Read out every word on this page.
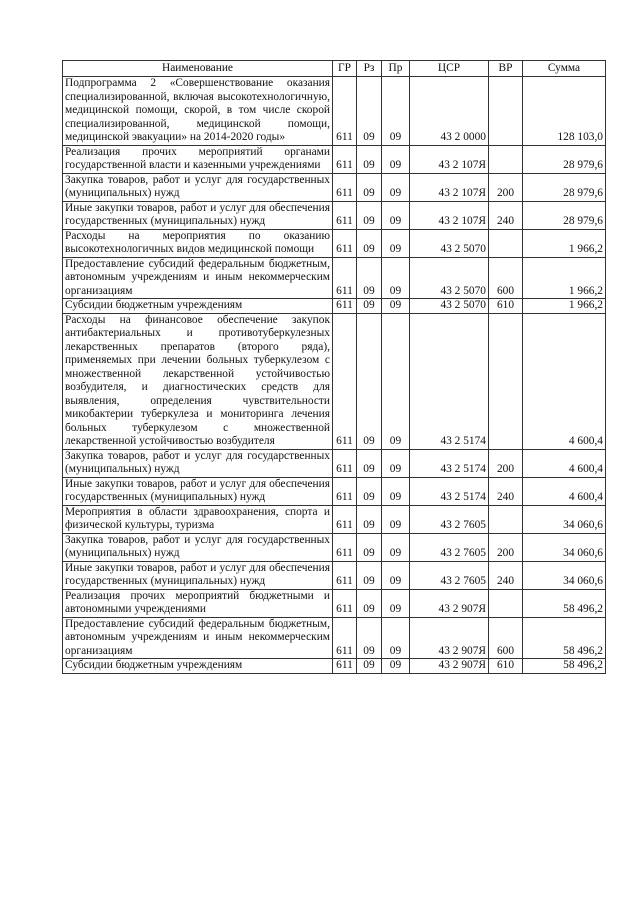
Наименование	ГР	Рз	Пр	ЦСР	ВР	Сумма
Подпрограмма 2 «Совершенствование оказания специализированной, включая высокотехнологичную, медицинской помощи, скорой, в том числе скорой специализированной, медицинской помощи, медицинской эвакуации» на 2014-2020 годы»	611	09	09	43 2 0000		128 103,0
Реализация прочих мероприятий органами государственной власти и казенными учреждениями	611	09	09	43 2 107Я		28 979,6
Закупка товаров, работ и услуг для государственных (муниципальных) нужд	611	09	09	43 2 107Я	200	28 979,6
Иные закупки товаров, работ и услуг для обеспечения государственных (муниципальных) нужд	611	09	09	43 2 107Я	240	28 979,6
Расходы на мероприятия по оказанию высокотехнологичных видов медицинской помощи	611	09	09	43 2 5070		1 966,2
Предоставление субсидий федеральным бюджетным, автономным учреждениям и иным некоммерческим организациям	611	09	09	43 2 5070	600	1 966,2
Субсидии бюджетным учреждениям	611	09	09	43 2 5070	610	1 966,2
Расходы на финансовое обеспечение закупок антибактериальных и противотуберкулезных лекарственных препаратов (второго ряда), применяемых при лечении больных туберкулезом с множественной лекарственной устойчивостью возбудителя, и диагностических средств для выявления, определения чувствительности микобактерии туберкулеза и мониторинга лечения больных туберкулезом с множественной лекарственной устойчивостью возбудителя	611	09	09	43 2 5174		4 600,4
Закупка товаров, работ и услуг для государственных (муниципальных) нужд	611	09	09	43 2 5174	200	4 600,4
Иные закупки товаров, работ и услуг для обеспечения государственных (муниципальных) нужд	611	09	09	43 2 5174	240	4 600,4
Мероприятия в области здравоохранения, спорта и физической культуры, туризма	611	09	09	43 2 7605		34 060,6
Закупка товаров, работ и услуг для государственных (муниципальных) нужд	611	09	09	43 2 7605	200	34 060,6
Иные закупки товаров, работ и услуг для обеспечения государственных (муниципальных) нужд	611	09	09	43 2 7605	240	34 060,6
Реализация прочих мероприятий бюджетными и автономными учреждениями	611	09	09	43 2 907Я		58 496,2
Предоставление субсидий федеральным бюджетным, автономным учреждениям и иным некоммерческим организациям	611	09	09	43 2 907Я	600	58 496,2
Субсидии бюджетным учреждениям	611	09	09	43 2 907Я	610	58 496,2
